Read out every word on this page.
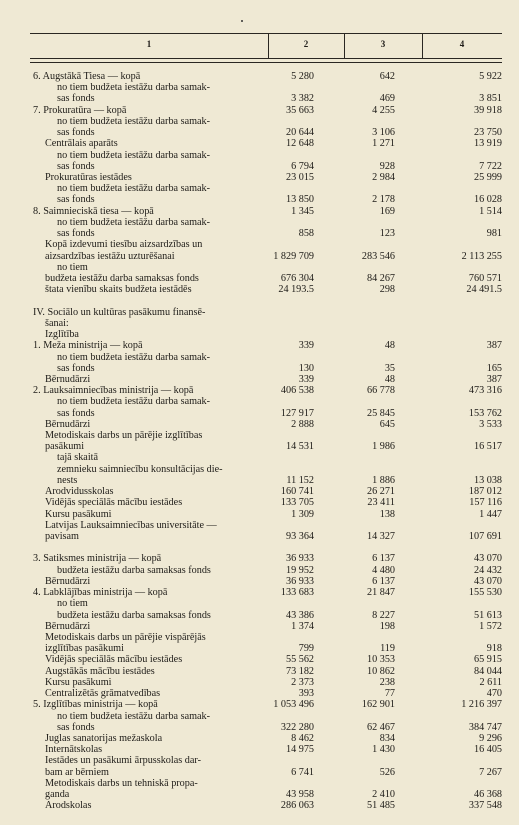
1	2	3	4
6. Augstākā Tiesa — kopā	5 280	642	5 922
no tiem budžeta iestāžu darba samak-
sas fonds	3 382	469	3 851
7. Prokuratūra — kopā	35 663	4 255	39 918
no tiem budžeta iestāžu darba samak-
sas fonds	20 644	3 106	23 750
Centrālais aparāts	12 648	1 271	13 919
no tiem budžeta iestāžu darba samak-
sas fonds	6 794	928	7 722
Prokuratūras iestādes	23 015	2 984	25 999
no tiem budžeta iestāžu darba samak-
sas fonds	13 850	2 178	16 028
8. Saimnieciskā tiesa — kopā	1 345	169	1 514
no tiem budžeta iestāžu darba samak-
sas fonds	858	123	981
Kopā izdevumi tiesību aizsardzības un
aizsardzības iestāžu uzturēšanai	1 829 709	283 546	2 113 255
no tiem
budžeta iestāžu darba samaksas fonds	676 304	84 267	760 571
štata vienību skaits budžeta iestādēs	24 193.5	298	24 491.5
IV. Sociālo un kultūras pasākumu finansē-
šanai:
Izglītība
1. Meža ministrija — kopā	339	48	387
no tiem budžeta iestāžu darba samak-
sas fonds	130	35	165
Bērnudārzi	339	48	387
2. Lauksaimniecības ministrija — kopā	406 538	66 778	473 316
no tiem budžeta iestāžu darba samak-
sas fonds	127 917	25 845	153 762
Bērnudārzi	2 888	645	3 533
Metodiskais darbs un pārējie izglītības
pasākumi	14 531	1 986	16 517
tajā skaitā
zemnieku saimniecību konsultācijas die-
nests	11 152	1 886	13 038
Arodvidusskolas	160 741	26 271	187 012
Vidējās speciālās mācību iestādes	133 705	23 411	157 116
Kursu pasākumi	1 309	138	1 447
Latvijas Lauksaimniecības universitāte —
pavisam	93 364	14 327	107 691
3. Satiksmes ministrija — kopā	36 933	6 137	43 070
budžeta iestāžu darba samaksas fonds	19 952	4 480	24 432
Bērnudārzi	36 933	6 137	43 070
4. Labklājības ministrija — kopā	133 683	21 847	155 530
no tiem
budžeta iestāžu darba samaksas fonds	43 386	8 227	51 613
Bērnudārzi	1 374	198	1 572
Metodiskais darbs un pārējie vispārējās
izglītības pasākumi	799	119	918
Vidējās speciālās mācību iestādes	55 562	10 353	65 915
Augstākās mācību iestādes	73 182	10 862	84 044
Kursu pasākumi	2 373	238	2 611
Centralizētās grāmatvedības	393	77	470
5. Izglītības ministrija — kopā	1 053 496	162 901	1 216 397
no tiem budžeta iestāžu darba samak-
sas fonds	322 280	62 467	384 747
Juglas sanatorijas mežaskola	8 462	834	9 296
Internātskolas	14 975	1 430	16 405
Iestādes un pasākumi ārpusskolas dar-
bam ar bērniem	6 741	526	7 267
Metodiskais darbs un tehniskā propa-
ganda	43 958	2 410	46 368
Arodskolas	286 063	51 485	337 548
